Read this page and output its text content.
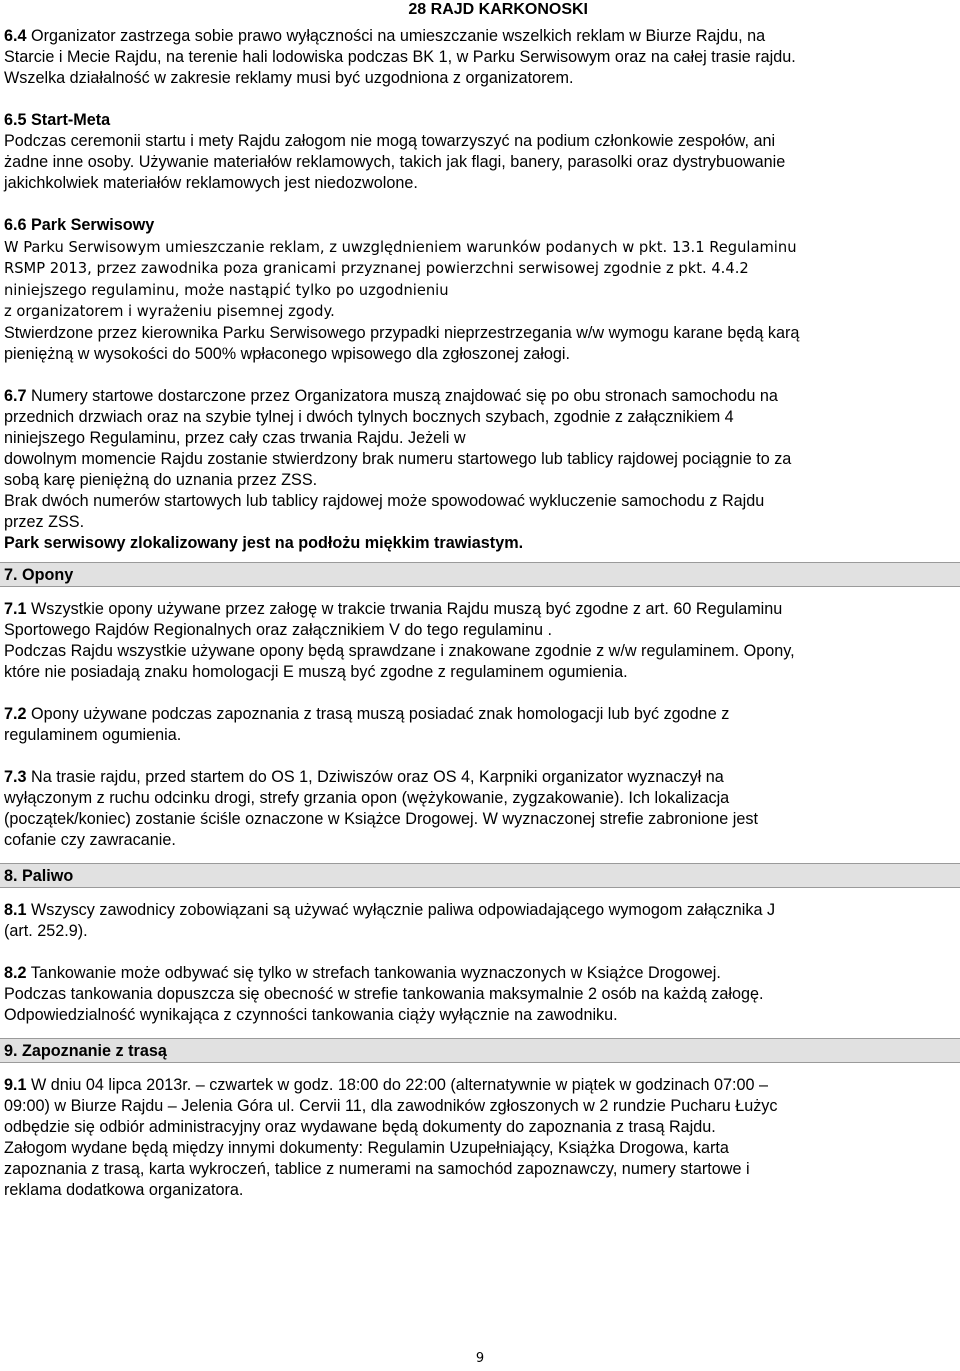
28 RAJD KARKONOSKI

6.4 Organizator zastrzega sobie prawo wyłączności na umieszczanie wszelkich reklam w Biurze Rajdu, na

Starcie i Mecie Rajdu, na terenie hali lodowiska podczas BK 1, w Parku Serwisowym oraz na całej trasie rajdu.

Wszelka działalność w zakresie reklamy musi być uzgodniona z organizatorem.

6.5 Start-Meta

Podczas ceremonii startu i mety Rajdu załogom nie mogą towarzyszyć na podium członkowie zespołów, ani

żadne inne osoby. Używanie materiałów reklamowych, takich jak flagi, banery, parasolki oraz dystrybuowanie

jakichkolwiek materiałów reklamowych jest niedozwolone.

6.6 Park Serwisowy

W Parku Serwisowym umieszczanie reklam, z uwzględnieniem warunków podanych w pkt. 13.1 Regulaminu

RSMP 2013, przez zawodnika poza granicami przyznanej powierzchni serwisowej zgodnie z pkt. 4.4.2

niniejszego regulaminu, może nastąpić tylko po uzgodnieniu

z organizatorem i wyrażeniu pisemnej zgody.

Stwierdzone przez kierownika Parku Serwisowego przypadki nieprzestrzegania w/w wymogu karane będą karą

pieniężną w wysokości do 500% wpłaconego wpisowego dla zgłoszonej załogi.

6.7 Numery startowe dostarczone przez Organizatora muszą znajdować się po obu stronach samochodu na

przednich drzwiach oraz na szybie tylnej i dwóch tylnych bocznych szybach, zgodnie z załącznikiem 4

niniejszego Regulaminu, przez cały czas trwania Rajdu. Jeżeli w

dowolnym momencie Rajdu zostanie stwierdzony brak numeru startowego lub tablicy rajdowej pociągnie to za

sobą karę pieniężną do uznania przez ZSS.

Brak dwóch numerów startowych lub tablicy rajdowej może spowodować wykluczenie samochodu z Rajdu

przez ZSS.

Park serwisowy zlokalizowany jest na podłożu miękkim trawiastym.

7. Opony

7.1 Wszystkie opony używane przez załogę w trakcie trwania Rajdu muszą być zgodne z art. 60 Regulaminu

Sportowego Rajdów Regionalnych oraz załącznikiem V do tego regulaminu .

Podczas Rajdu wszystkie używane opony będą sprawdzane i znakowane zgodnie z w/w regulaminem. Opony,

które nie posiadają znaku homologacji E muszą być zgodne z regulaminem ogumienia.

7.2 Opony używane podczas zapoznania z trasą muszą posiadać znak homologacji lub być zgodne z

regulaminem ogumienia.

7.3 Na trasie rajdu, przed startem do OS 1, Dziwiszów oraz OS 4, Karpniki organizator wyznaczył na

wyłączonym z ruchu odcinku drogi, strefy grzania opon (wężykowanie, zygzakowanie). Ich lokalizacja

(początek/koniec) zostanie ściśle oznaczone w Książce Drogowej. W wyznaczonej strefie zabronione jest

cofanie czy zawracanie.

8. Paliwo

8.1 Wszyscy zawodnicy zobowiązani są używać wyłącznie paliwa odpowiadającego wymogom załącznika J

(art. 252.9).

8.2 Tankowanie może odbywać się tylko w strefach tankowania wyznaczonych w Książce Drogowej.

Podczas tankowania dopuszcza się obecność w strefie tankowania maksymalnie 2 osób na każdą załogę.

Odpowiedzialność wynikająca z czynności tankowania ciąży wyłącznie na zawodniku.

9. Zapoznanie z trasą

9.1 W dniu 04 lipca 2013r. – czwartek w godz. 18:00 do 22:00 (alternatywnie w piątek w godzinach 07:00 –

09:00) w Biurze Rajdu – Jelenia Góra ul. Cervii 11, dla zawodników zgłoszonych w 2 rundzie Pucharu Łużyc

odbędzie się odbiór administracyjny oraz wydawane będą dokumenty do zapoznania z trasą Rajdu.

Załogom wydane będą między innymi dokumenty: Regulamin Uzupełniający, Książka Drogowa, karta

zapoznania z trasą, karta wykroczeń, tablice z numerami na samochód zapoznawczy, numery startowe i

reklama dodatkowa organizatora.

9
